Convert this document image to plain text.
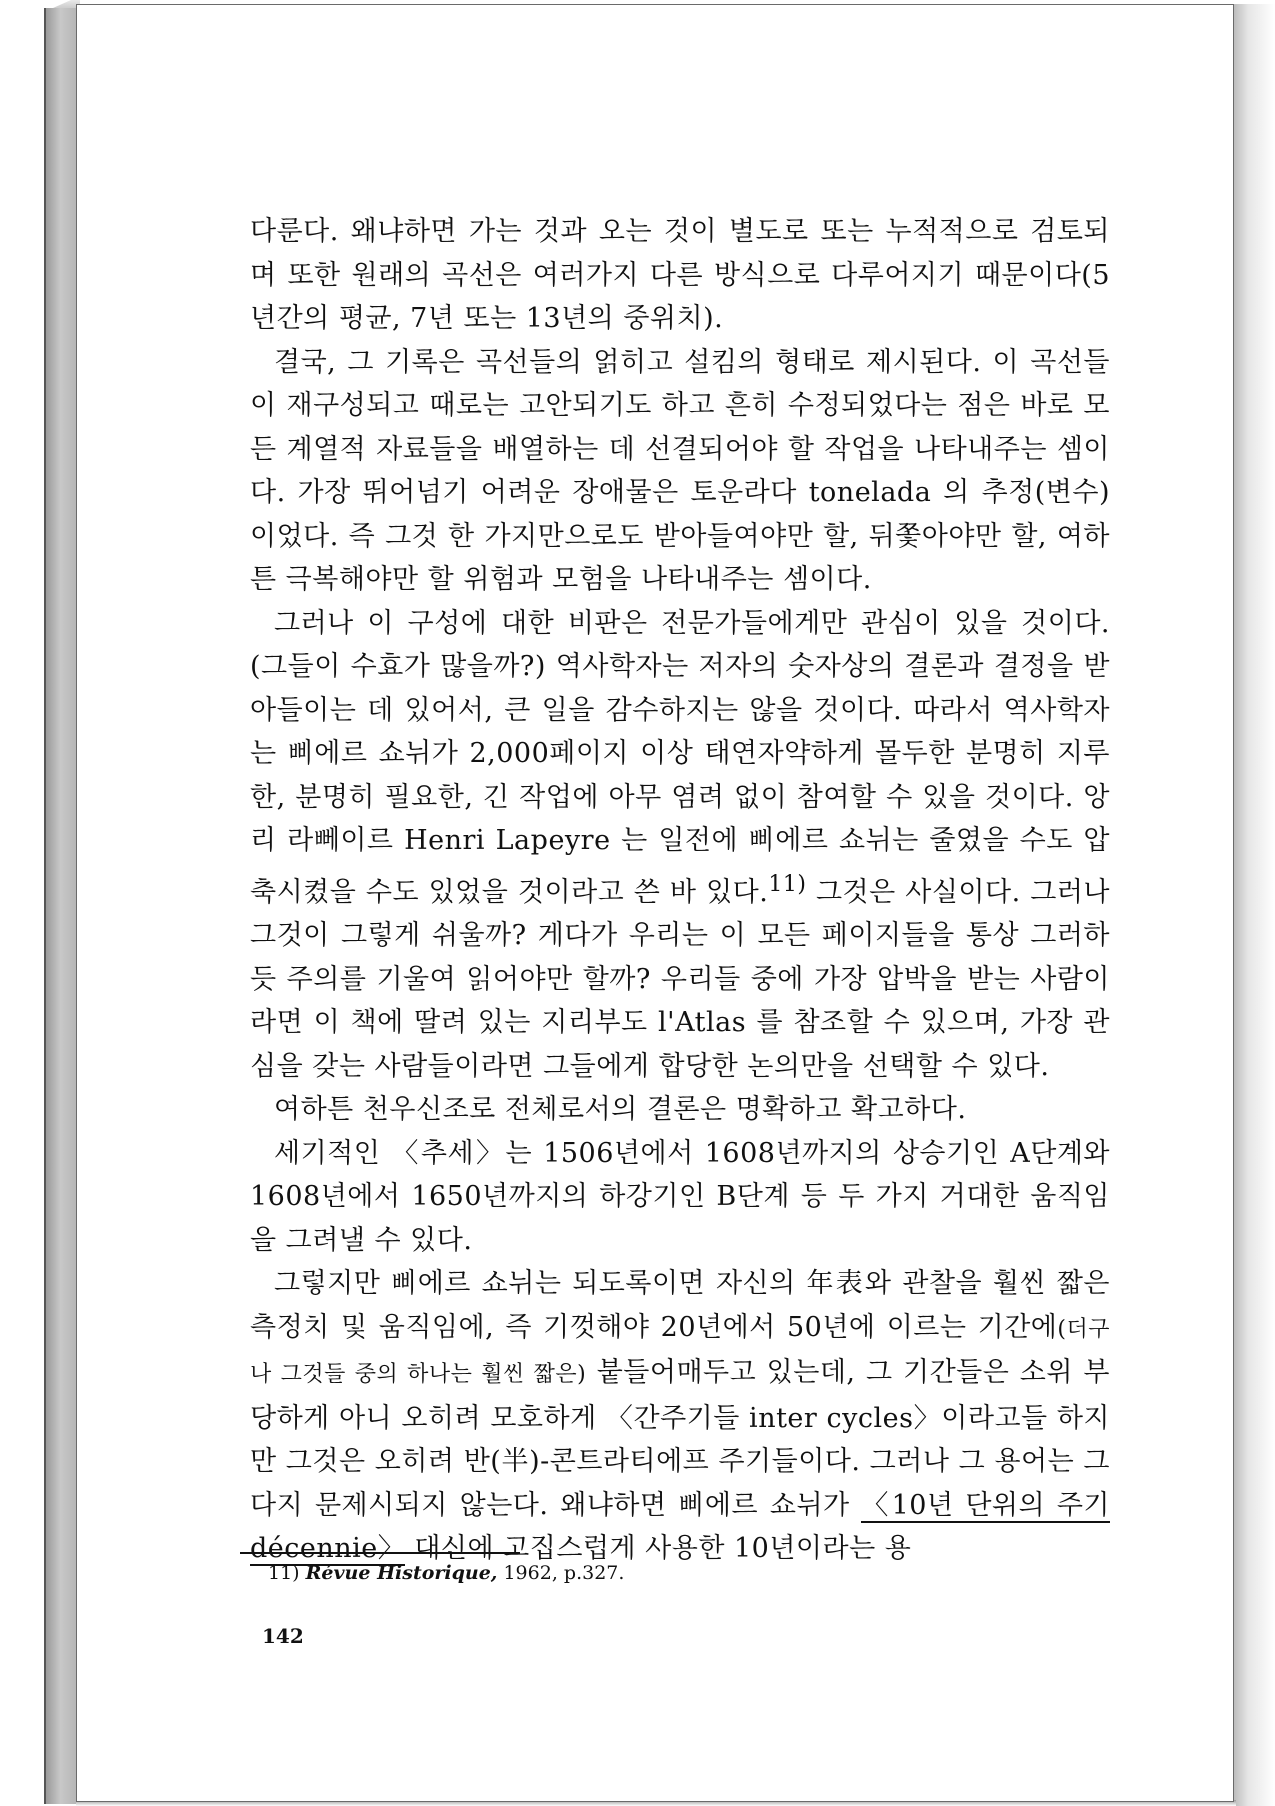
다룬다. 왜냐하면 가는 것과 오는 것이 별도로 또는 누적적으로 검토되며 또한 원래의 곡선은 여러가지 다른 방식으로 다루어지기 때문이다(5년간의 평균, 7년 또는 13년의 중위치).

결국, 그 기록은 곡선들의 얽히고 설킴의 형태로 제시된다. 이 곡선들이 재구성되고 때로는 고안되기도 하고 흔히 수정되었다는 점은 바로 모든 계열적 자료들을 배열하는 데 선결되어야 할 작업을 나타내주는 셈이다. 가장 뛰어넘기 어려운 장애물은 토운라다 tonelada 의 추정(변수)이었다. 즉 그것 한 가지만으로도 받아들여야만 할, 뒤쫓아야만 할, 여하튼 극복해야만 할 위험과 모험을 나타내주는 셈이다.

그러나 이 구성에 대한 비판은 전문가들에게만 관심이 있을 것이다. (그들이 수효가 많을까?) 역사학자는 저자의 숫자상의 결론과 결정을 받아들이는 데 있어서, 큰 일을 감수하지는 않을 것이다. 따라서 역사학자는 삐에르 쇼뉘가 2,000페이지 이상 태연자약하게 몰두한 분명히 지루한, 분명히 필요한, 긴 작업에 아무 염려 없이 참여할 수 있을 것이다. 앙리 라뻬이르 Henri Lapeyre 는 일전에 삐에르 쇼뉘는 줄였을 수도 압축시켰을 수도 있었을 것이라고 쓴 바 있다.$^{11)}$ 그것은 사실이다. 그러나 그것이 그렇게 쉬울까? 게다가 우리는 이 모든 페이지들을 통상 그러하듯 주의를 기울여 읽어야만 할까? 우리들 중에 가장 압박을 받는 사람이라면 이 책에 딸려 있는 지리부도 l'Atlas 를 참조할 수 있으며, 가장 관심을 갖는 사람들이라면 그들에게 합당한 논의만을 선택할 수 있다.

여하튼 천우신조로 전체로서의 결론은 명확하고 확고하다.

세기적인 〈추세〉는 1506년에서 1608년까지의 상승기인 A단계와 1608년에서 1650년까지의 하강기인 B단계 등 두 가지 거대한 움직임을 그려낼 수 있다.

그렇지만 삐에르 쇼뉘는 되도록이면 자신의 年表와 관찰을 훨씬 짧은 측정치 및 움직임에, 즉 기껏해야 20년에서 50년에 이르는 기간에(더구나 그것들 중의 하나는 훨씬 짧은) 붙들어매두고 있는데, 그 기간들은 소위 부당하게 아니 오히려 모호하게 〈간주기들 inter cycles〉이라고들 하지만 그것은 오히려 반(半)-콘트라티에프 주기들이다. 그러나 그 용어는 그다지 문제시되지 않는다. 왜냐하면 삐에르 쇼뉘가 〈10년 단위의 주기 décennie〉 대신에 고집스럽게 사용한 10년이라는 용

11) Révue Historique, 1962, p.327.
142
